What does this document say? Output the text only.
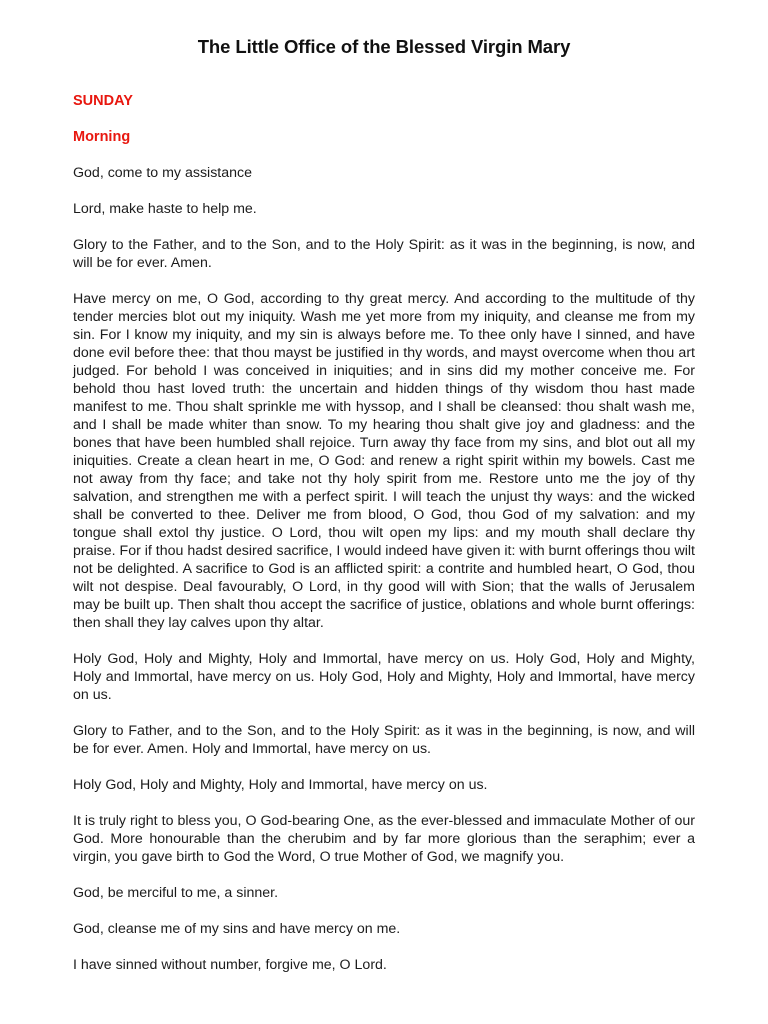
The Little Office of the Blessed Virgin Mary
SUNDAY
Morning

God, come to my assistance

Lord, make haste to help me.

Glory to the Father, and to the Son, and to the Holy Spirit: as it was in the beginning, is now, and will be for ever. Amen.

Have mercy on me, O God, according to thy great mercy. And according to the multitude of thy tender mercies blot out my iniquity. Wash me yet more from my iniquity, and cleanse me from my sin. For I know my iniquity, and my sin is always before me. To thee only have I sinned, and have done evil before thee: that thou mayst be justified in thy words, and mayst overcome when thou art judged. For behold I was conceived in iniquities; and in sins did my mother conceive me. For behold thou hast loved truth: the uncertain and hidden things of thy wisdom thou hast made manifest to me. Thou shalt sprinkle me with hyssop, and I shall be cleansed: thou shalt wash me, and I shall be made whiter than snow. To my hearing thou shalt give joy and gladness: and the bones that have been humbled shall rejoice. Turn away thy face from my sins, and blot out all my iniquities. Create a clean heart in me, O God: and renew a right spirit within my bowels. Cast me not away from thy face; and take not thy holy spirit from me. Restore unto me the joy of thy salvation, and strengthen me with a perfect spirit. I will teach the unjust thy ways: and the wicked shall be converted to thee. Deliver me from blood, O God, thou God of my salvation: and my tongue shall extol thy justice. O Lord, thou wilt open my lips: and my mouth shall declare thy praise. For if thou hadst desired sacrifice, I would indeed have given it: with burnt offerings thou wilt not be delighted. A sacrifice to God is an afflicted spirit: a contrite and humbled heart, O God, thou wilt not despise. Deal favourably, O Lord, in thy good will with Sion; that the walls of Jerusalem may be built up. Then shalt thou accept the sacrifice of justice, oblations and whole burnt offerings: then shall they lay calves upon thy altar.

Holy God, Holy and Mighty, Holy and Immortal, have mercy on us. Holy God, Holy and Mighty, Holy and Immortal, have mercy on us. Holy God, Holy and Mighty, Holy and Immortal, have mercy on us.

Glory to Father, and to the Son, and to the Holy Spirit: as it was in the beginning, is now, and will be for ever. Amen. Holy and Immortal, have mercy on us.

Holy God, Holy and Mighty, Holy and Immortal, have mercy on us.

It is truly right to bless you, O God-bearing One, as the ever-blessed and immaculate Mother of our God. More honourable than the cherubim and by far more glorious than the seraphim; ever a virgin, you gave birth to God the Word, O true Mother of God, we magnify you.

God, be merciful to me, a sinner.

God, cleanse me of my sins and have mercy on me.

I have sinned without number, forgive me, O Lord.
